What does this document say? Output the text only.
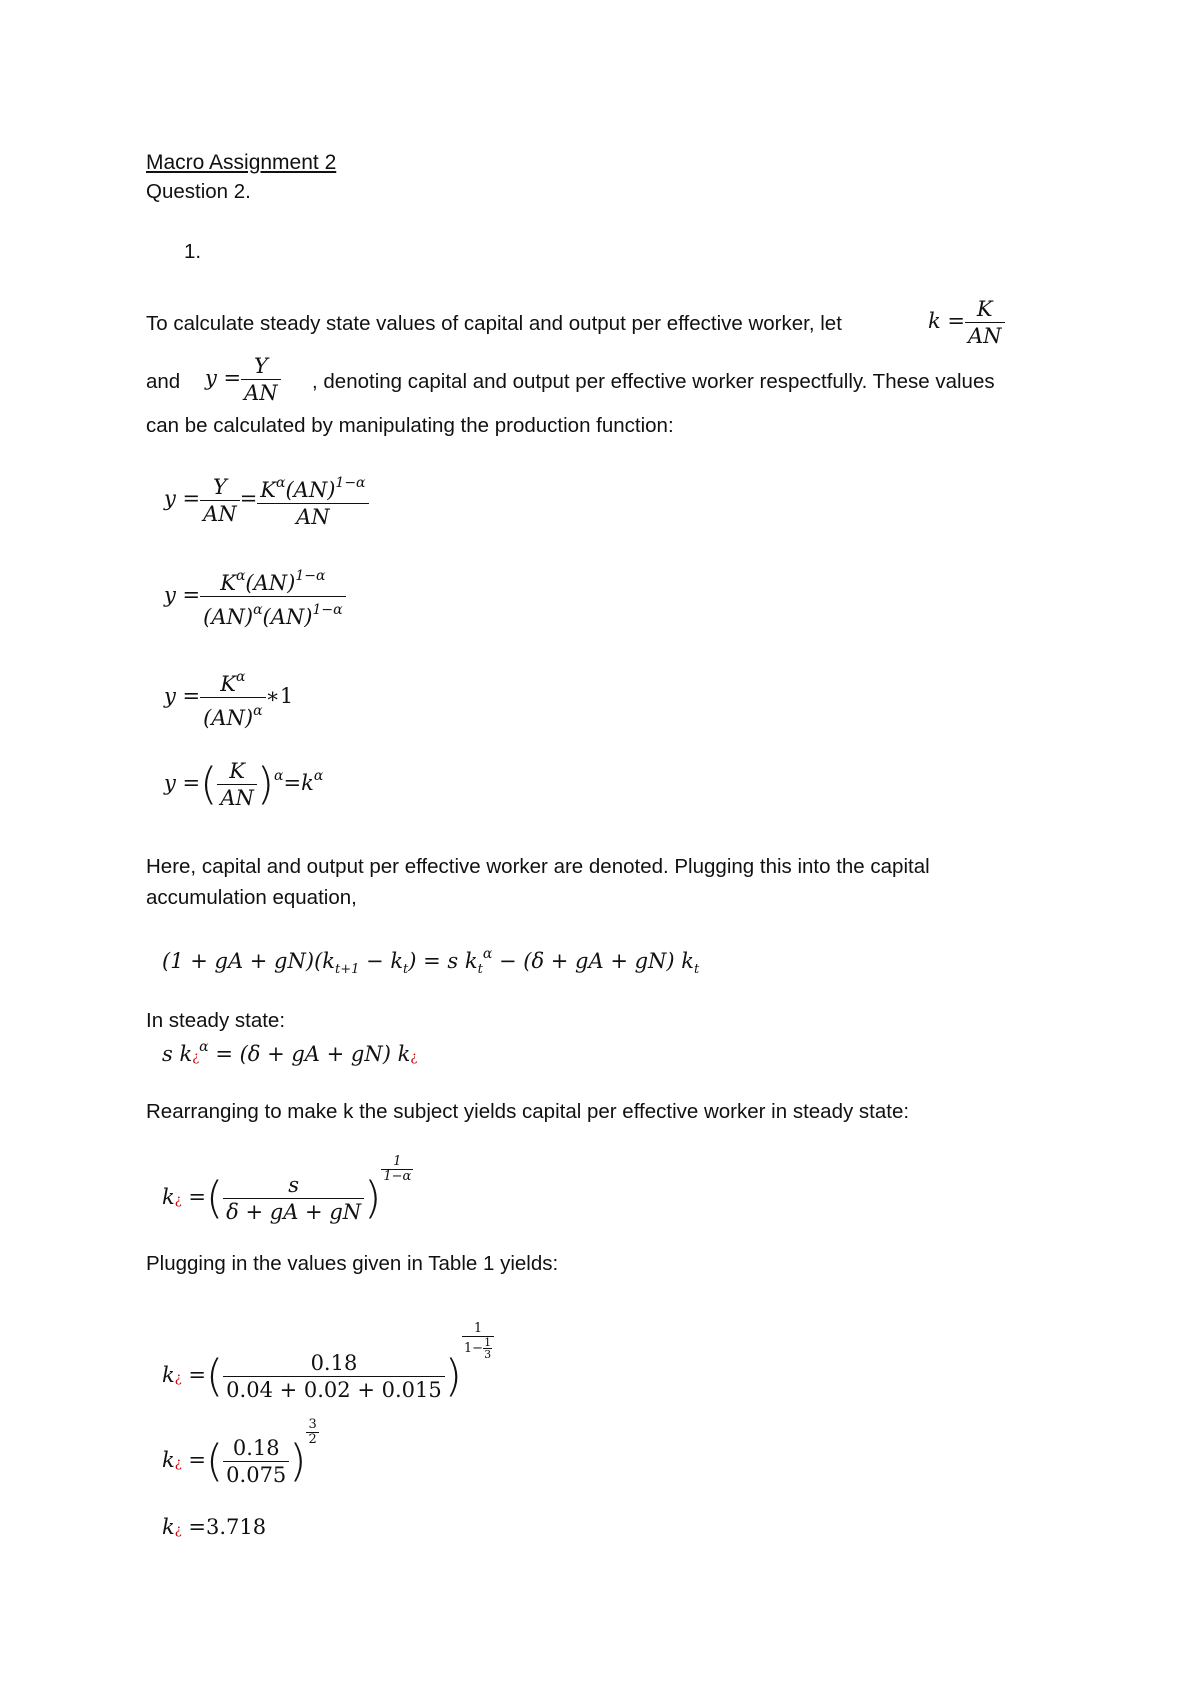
Macro Assignment 2
Question 2.
1.
To calculate steady state values of capital and output per effective worker, let	$k = \frac{K}{AN}$
and $y = \frac{Y}{AN}$ , denoting capital and output per effective worker respectfully. These values
can be calculated by manipulating the production function:
$y = \frac{Y}{AN} = \frac{K^\alpha(AN)^{1-\alpha}}{AN}$
$y = \frac{K^\alpha(AN)^{1-\alpha}}{(AN)^\alpha(AN)^{1-\alpha}}$
$y = \frac{K^\alpha}{(AN)^\alpha}$ ∗1
y =( $\frac{K}{AN} )^\alpha=k^\alpha$
Here, capital and output per effective worker are denoted. Plugging this into the capital
accumulation equation,
(1 + gA + $gN)(k_{t+1} - k_t) = s$ $k_t^\alpha - (\delta$ + gA + gN) $k_t$
In steady state:
s k¿$^\alpha$ = (δ + gA + gN) k¿
Rearranging to make k the subject yields capital per effective worker in steady state:
k¿ =( $\frac{s}{\delta + gA + gN}$ )
$\frac{1}{1-\alpha}$
Plugging in the values given in Table 1 yields:
k¿ =( $\frac{0.18}{0.04 + 0.02 + 0.015}$ )
$\frac{1}{1- \frac{1}{3}}$
k¿ =( $\frac{0.18}{0.075}$ )
$\frac{3}{2}$
k¿ =3.718
